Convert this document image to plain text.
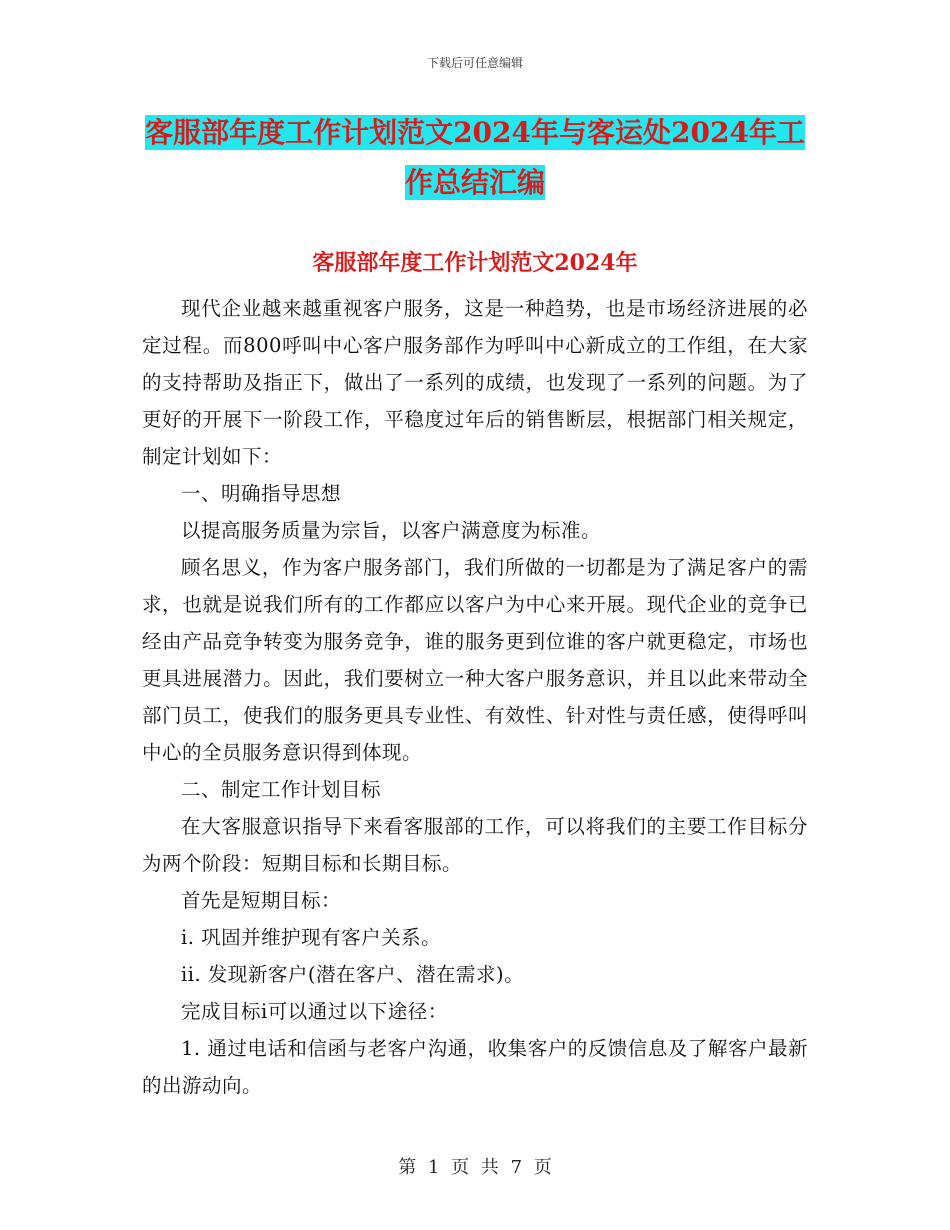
下载后可任意编辑
客服部年度工作计划范文2024年与客运处2024年工
作总结汇编
客服部年度工作计划范文2024年

现代企业越来越重视客户服务，这是一种趋势，也是市场经济进展的必定过程。而800呼叫中心客户服务部作为呼叫中心新成立的工作组，在大家的支持帮助及指正下，做出了一系列的成绩，也发现了一系列的问题。为了更好的开展下一阶段工作，平稳度过年后的销售断层，根据部门相关规定，制定计划如下：

一、明确指导思想

以提高服务质量为宗旨，以客户满意度为标准。

顾名思义，作为客户服务部门，我们所做的一切都是为了满足客户的需求，也就是说我们所有的工作都应以客户为中心来开展。现代企业的竞争已经由产品竞争转变为服务竞争，谁的服务更到位谁的客户就更稳定，市场也更具进展潜力。因此，我们要树立一种大客户服务意识，并且以此来带动全部门员工，使我们的服务更具专业性、有效性、针对性与责任感，使得呼叫中心的全员服务意识得到体现。

二、制定工作计划目标

在大客服意识指导下来看客服部的工作，可以将我们的主要工作目标分为两个阶段：短期目标和长期目标。

首先是短期目标：

i. 巩固并维护现有客户关系。

ii. 发现新客户(潜在客户、潜在需求)。

完成目标i可以通过以下途径：

1. 通过电话和信函与老客户沟通，收集客户的反馈信息及了解客户最新的出游动向。

第 1 页 共 7 页
